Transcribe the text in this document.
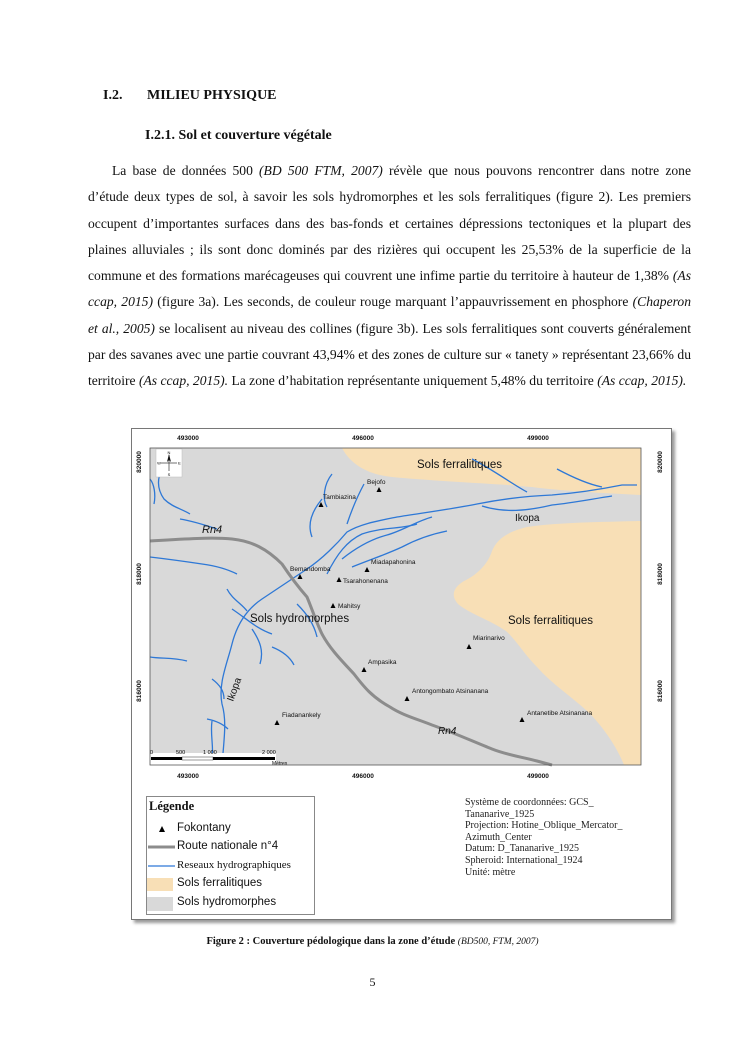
I.2. MILIEU PHYSIQUE
I.2.1. Sol et couverture végétale

La base de données 500 (BD 500 FTM, 2007) révèle que nous pouvons rencontrer dans notre zone d’étude deux types de sol, à savoir les sols hydromorphes et les sols ferralitiques (figure 2). Les premiers occupent d’importantes surfaces dans des bas-fonds et certaines dépressions tectoniques et la plupart des plaines alluviales ; ils sont donc dominés par des rizières qui occupent les 25,53% de la superficie de la commune et des formations marécageuses qui couvrent une infime partie du territoire à hauteur de 1,38% (As ccap, 2015) (figure 3a). Les seconds, de couleur rouge marquant l’appauvrissement en phosphore (Chaperon et al., 2005) se localisent au niveau des collines (figure 3b). Les sols ferralitiques sont couverts généralement par des savanes avec une partie couvrant 43,94% et des zones de culture sur « tanety » représentant 23,66% du territoire (As ccap, 2015). La zone d’habitation représentante uniquement 5,48% du territoire (As ccap, 2015).

Sols ferralitiques
Sols ferralitiques
Sols hydromorphes
Ikopa
Ikopa
Rn4
Rn4
Bejofo
Tambiazina
Miadapahonina
Bemandomba
Tsarahonenana
Mahitsy
Miarinarivo
Ampasika
Antongombato Atsinanana
Antanetibe Atsinanana
Fiadanankely
N
S
W	E
0	500	1 000	2 000
Mètres
493000	496000	499000
493000	496000	499000
820000
818000
816000
820000
818000
816000
Légende
Fokontany
Route nationale n°4
Reseaux hydrographiques
Sols ferralitiques
Sols hydromorphes
Système de coordonnées: GCS_
Tananarive_1925
Projection: Hotine_Oblique_Mercator_
Azimuth_Center
Datum: D_Tananarive_1925
Spheroid: International_1924
Unité: mètre
Figure 2 : Couverture pédologique dans la zone d’étude (BD500, FTM, 2007)
5
